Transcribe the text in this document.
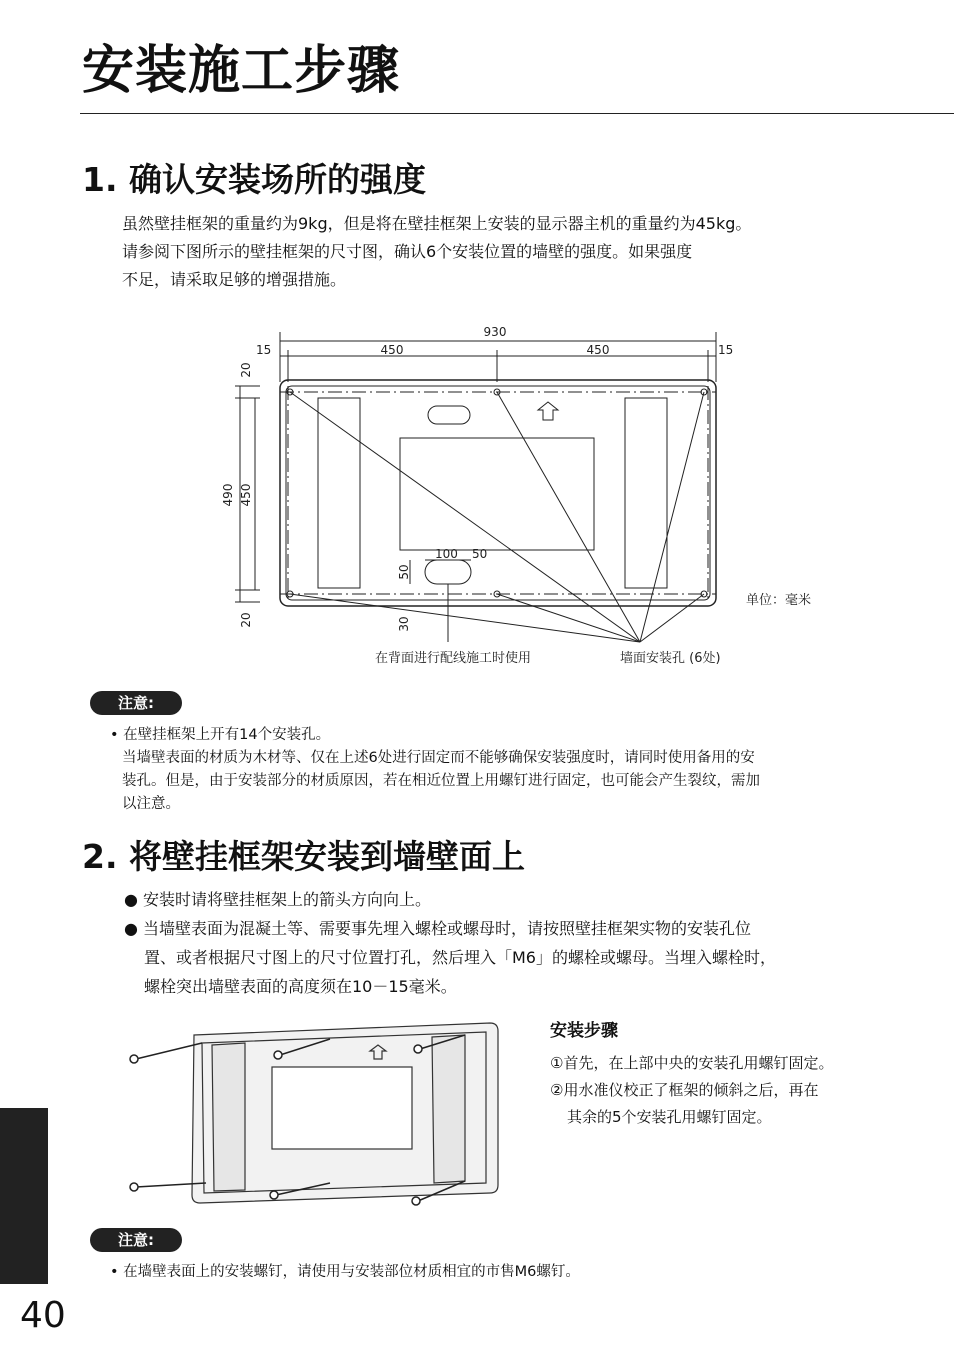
安装施工步骤
1. 确认安装场所的强度
虽然壁挂框架的重量约为9kg，但是将在壁挂框架上安装的显示器主机的重量约为45kg。
请参阅下图所示的壁挂框架的尺寸图，确认6个安装位置的墙壁的强度。如果强度
不足，请采取足够的增强措施。
930
15	450	450	15
490 450
20
20
100 50
50
30
单位：毫米
在背面进行配线施工时使用	墙面安装孔 (6处)
注意:
• 在壁挂框架上开有14个安装孔。
当墙壁表面的材质为木材等、仅在上述6处进行固定而不能够确保安装强度时，请同时使用备用的安
装孔。但是，由于安装部分的材质原因，若在相近位置上用螺钉进行固定，也可能会产生裂纹，需加
以注意。
2. 将壁挂框架安装到墙壁面上
● 安装时请将壁挂框架上的箭头方向向上。
● 当墙壁表面为混凝土等、需要事先埋入螺栓或螺母时，请按照壁挂框架实物的安装孔位
置、或者根据尺寸图上的尺寸位置打孔，然后埋入「M6」的螺栓或螺母。当埋入螺栓时，
螺栓突出墙壁表面的高度须在10－15毫米。
安装步骤
①首先，在上部中央的安装孔用螺钉固定。
②用水准仪校正了框架的倾斜之后，再在
其余的5个安装孔用螺钉固定。
注意:
• 在墙壁表面上的安装螺钉，请使用与安装部位材质相宜的市售M6螺钉。
40
